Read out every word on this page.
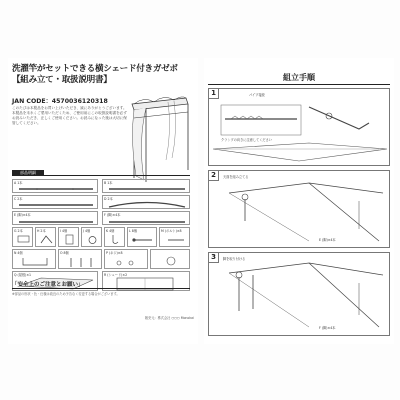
洗濯竿がセットできる横シェード付きガゼボ
【組み立て・取扱説明書】
JAN CODE：4570036120318
このたびは本製品をお買い上げいただき、誠にありがとうございます。本製品を末永くご愛用いただくため、ご使用前にこの取扱説明書を必ずお読みいただき、正しくご使用ください。お読みになった後は大切に保管してください。
部品明細
A 1本	B 1本
C 2本	D 2本
E (脚)×4本	F (脚)×4本
G 2本	H 2本	I 4個	J 4個	K 4個	L 8個	M (ボルト)×8
N 4個	O 8個	P (ネジ)×8
Q (屋根)×1	R (シェード)×2
「安全上のご注意とお願い」
※部品の形状・色・仕様は改良のため予告なく変更する場合がございます。
販売元：株式会社 ○○○ Monokai
組立手順
1	パイプ接続
クランプの向きに注意してください
2	天面を組み立てる
E (脚)×4本
3	脚を取り付ける
F (脚)×4本
